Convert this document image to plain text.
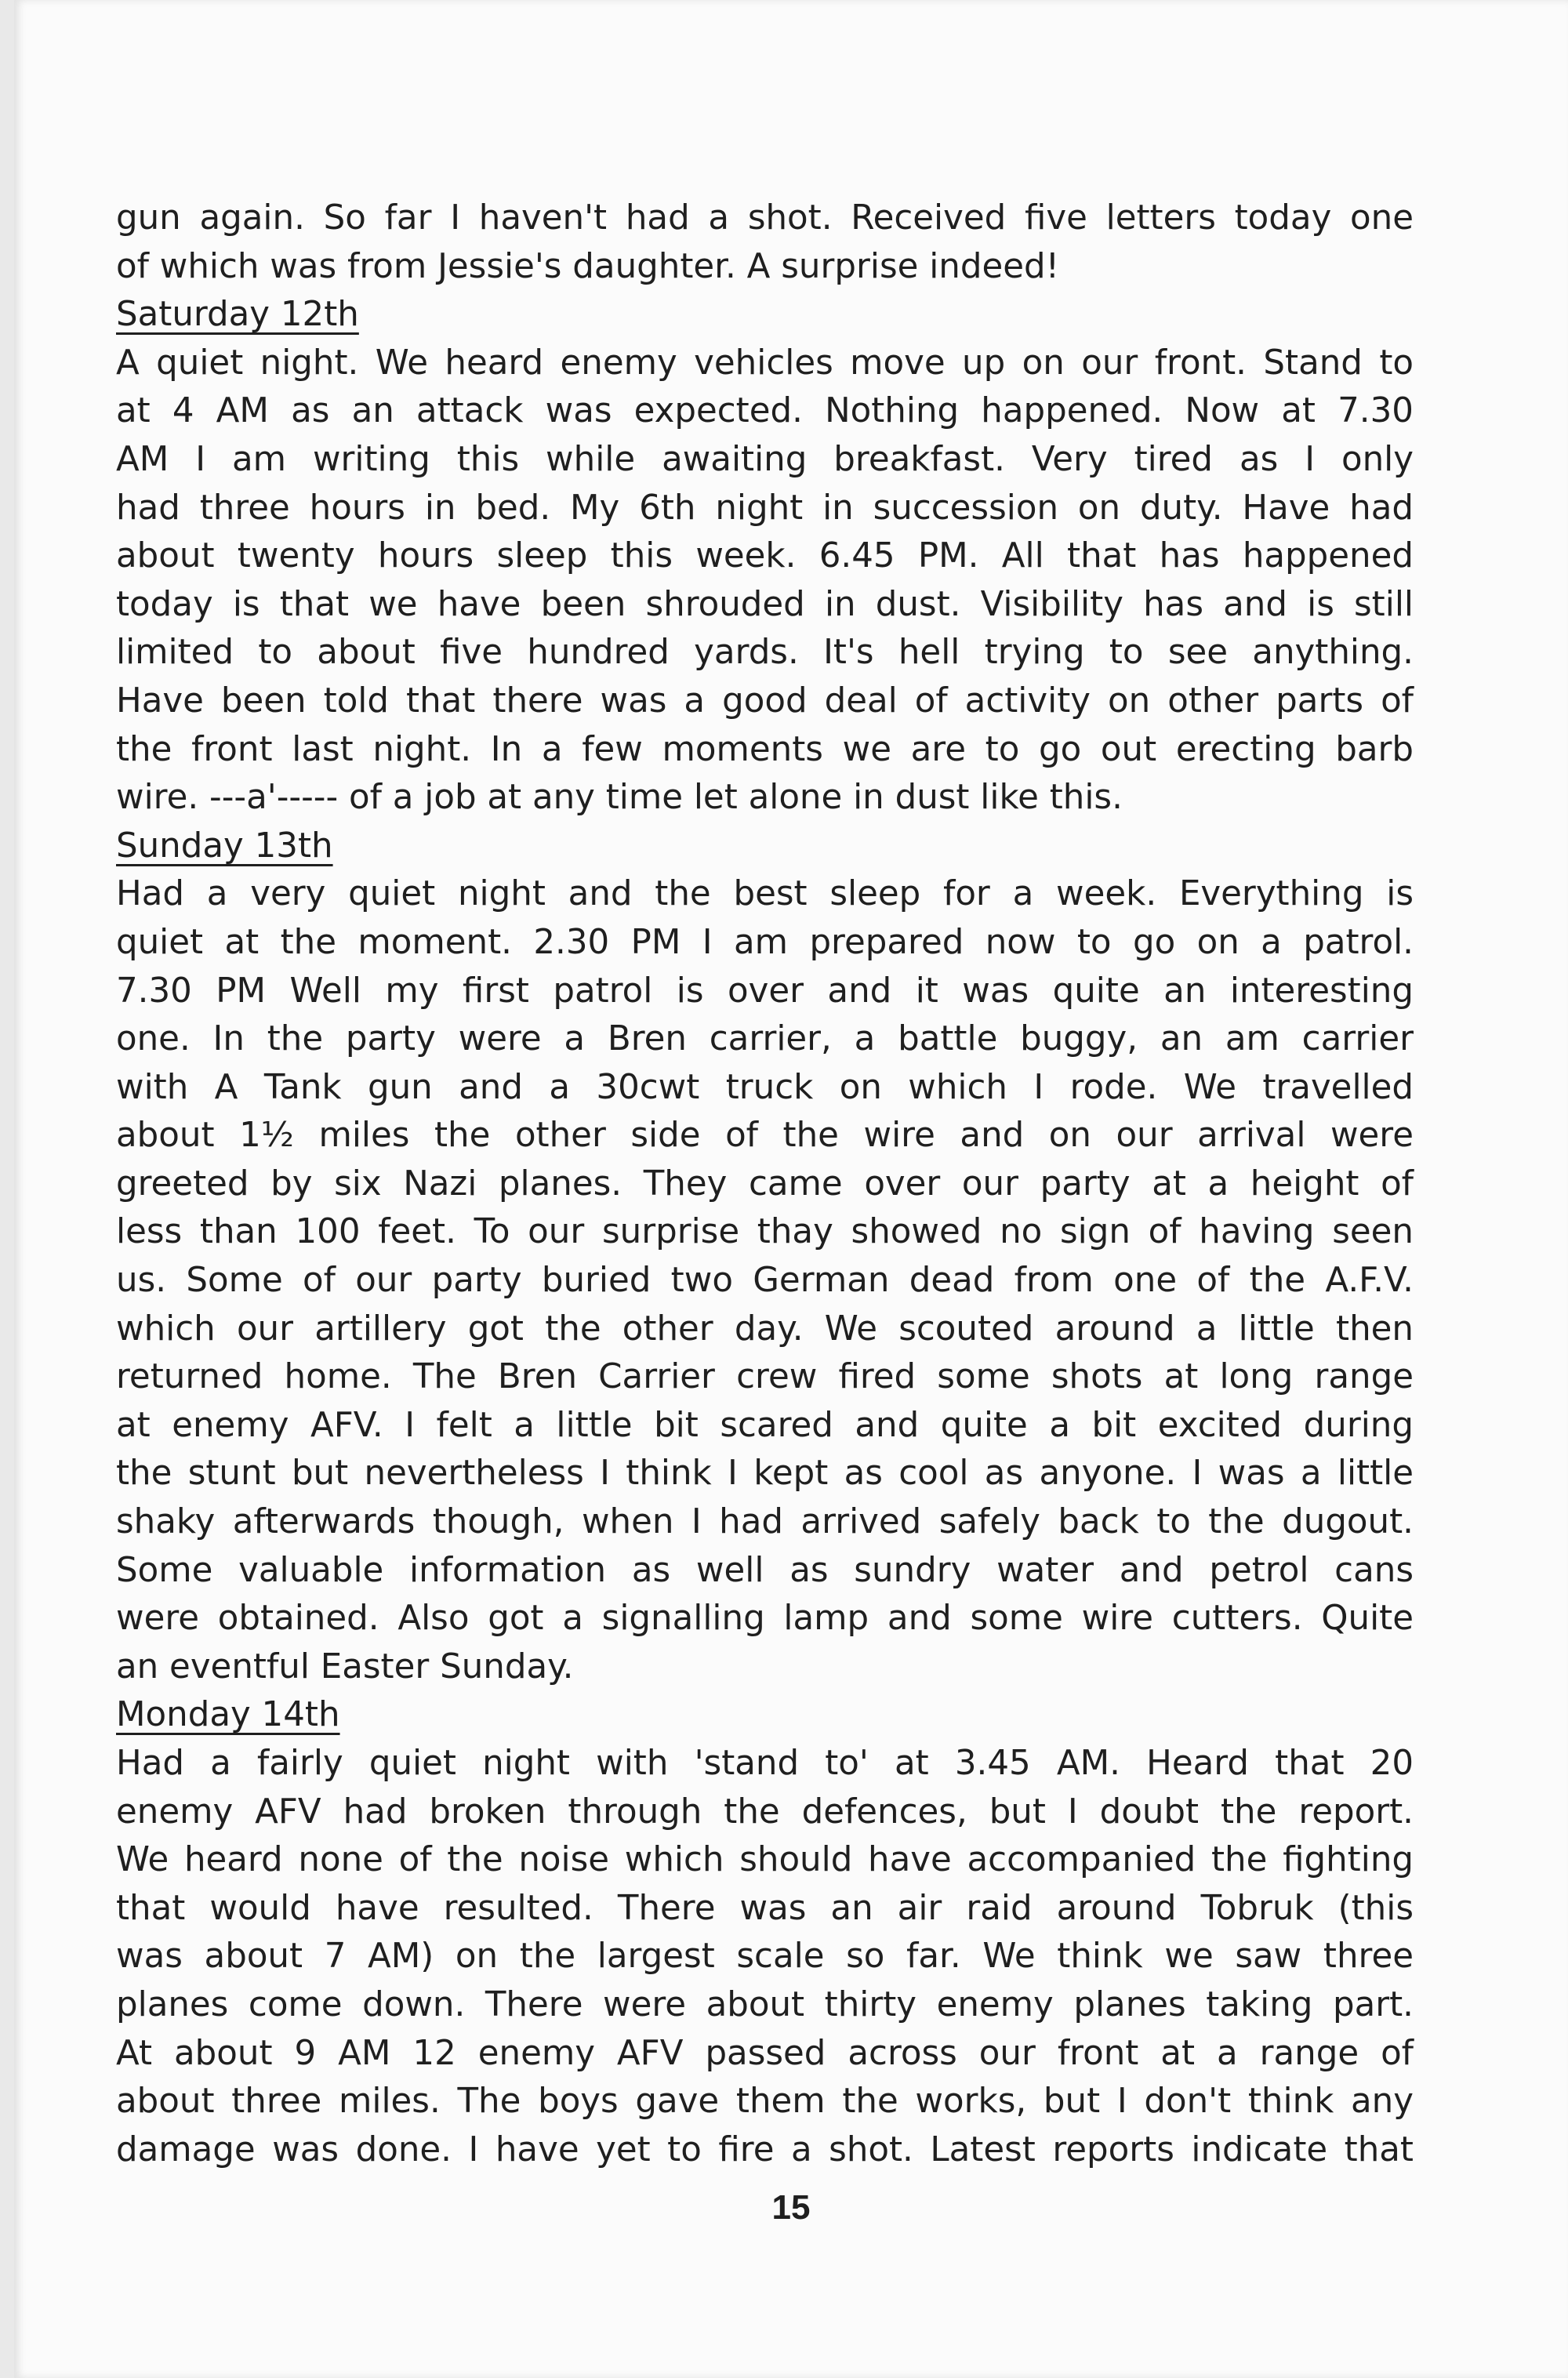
gun again. So far I haven't had a shot. Received five letters today one
of which was from Jessie's daughter. A surprise indeed!
Saturday 12th
A quiet night. We heard enemy vehicles move up on our front. Stand to
at 4 AM as an attack was expected. Nothing happened. Now at 7.30
AM I am writing this while awaiting breakfast. Very tired as I only
had three hours in bed. My 6th night in succession on duty. Have had
about twenty hours sleep this week. 6.45 PM. All that has happened
today is that we have been shrouded in dust. Visibility has and is still
limited to about five hundred yards. It's hell trying to see anything.
Have been told that there was a good deal of activity on other parts of
the front last night. In a few moments we are to go out erecting barb
wire. ---a'----- of a job at any time let alone in dust like this.
Sunday 13th
Had a very quiet night and the best sleep for a week. Everything is
quiet at the moment. 2.30 PM I am prepared now to go on a patrol.
7.30 PM Well my first patrol is over and it was quite an interesting
one. In the party were a Bren carrier, a battle buggy, an am carrier
with A Tank gun and a 30cwt truck on which I rode. We travelled
about 1½ miles the other side of the wire and on our arrival were
greeted by six Nazi planes. They came over our party at a height of
less than 100 feet. To our surprise thay showed no sign of having seen
us. Some of our party buried two German dead from one of the A.F.V.
which our artillery got the other day. We scouted around a little then
returned home. The Bren Carrier crew fired some shots at long range
at enemy AFV. I felt a little bit scared and quite a bit excited during
the stunt but nevertheless I think I kept as cool as anyone. I was a little
shaky afterwards though, when I had arrived safely back to the dugout.
Some valuable information as well as sundry water and petrol cans
were obtained. Also got a signalling lamp and some wire cutters. Quite
an eventful Easter Sunday.
Monday 14th
Had a fairly quiet night with 'stand to' at 3.45 AM. Heard that 20
enemy AFV had broken through the defences, but I doubt the report.
We heard none of the noise which should have accompanied the fighting
that would have resulted. There was an air raid around Tobruk (this
was about 7 AM) on the largest scale so far. We think we saw three
planes come down. There were about thirty enemy planes taking part.
At about 9 AM 12 enemy AFV passed across our front at a range of
about three miles. The boys gave them the works, but I don't think any
damage was done. I have yet to fire a shot. Latest reports indicate that
15
